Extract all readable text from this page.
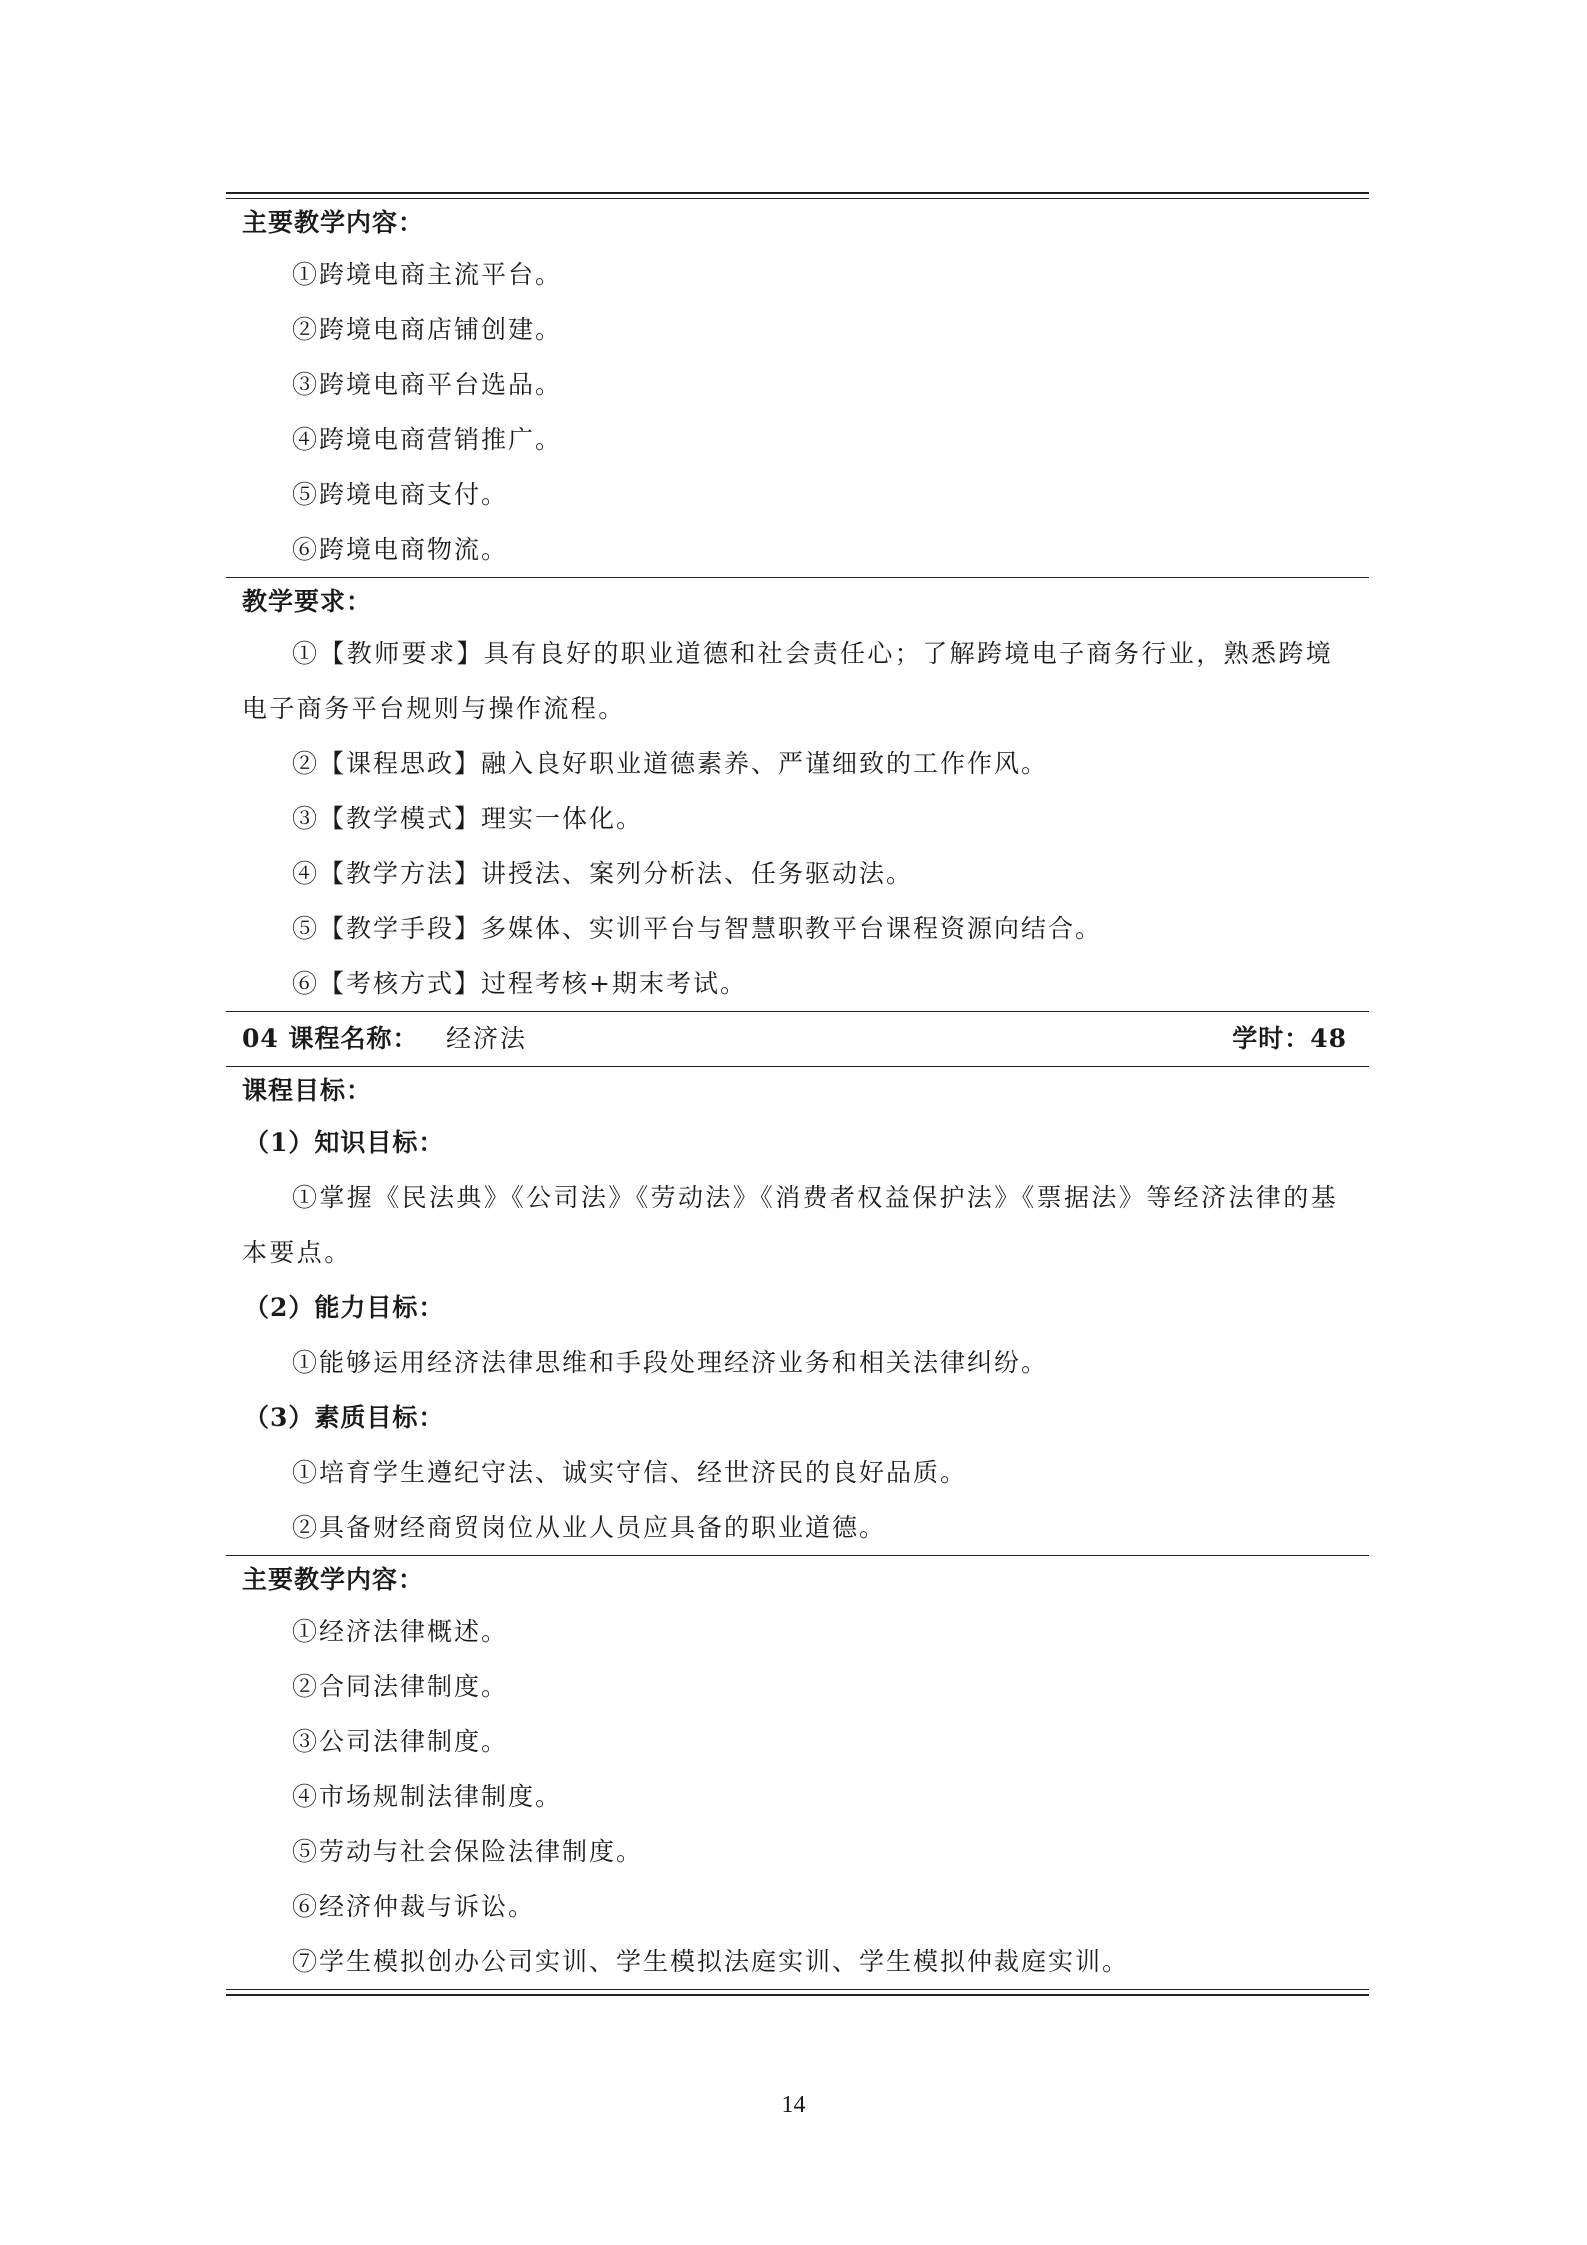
主要教学内容：
①跨境电商主流平台。
②跨境电商店铺创建。
③跨境电商平台选品。
④跨境电商营销推广。
⑤跨境电商支付。
⑥跨境电商物流。
教学要求：
①【教师要求】具有良好的职业道德和社会责任心；了解跨境电子商务行业，熟悉跨境电子商务平台规则与操作流程。
②【课程思政】融入良好职业道德素养、严谨细致的工作作风。
③【教学模式】理实一体化。
④【教学方法】讲授法、案列分析法、任务驱动法。
⑤【教学手段】多媒体、实训平台与智慧职教平台课程资源向结合。
⑥【考核方式】过程考核+期末考试。
04 课程名称： 经济法	学时：48
课程目标：
（1）知识目标：
①掌握《民法典》《公司法》《劳动法》《消费者权益保护法》《票据法》等经济法律的基本要点。
（2）能力目标：
①能够运用经济法律思维和手段处理经济业务和相关法律纠纷。
（3）素质目标：
①培育学生遵纪守法、诚实守信、经世济民的良好品质。
②具备财经商贸岗位从业人员应具备的职业道德。
主要教学内容：
①经济法律概述。
②合同法律制度。
③公司法律制度。
④市场规制法律制度。
⑤劳动与社会保险法律制度。
⑥经济仲裁与诉讼。
⑦学生模拟创办公司实训、学生模拟法庭实训、学生模拟仲裁庭实训。
14
